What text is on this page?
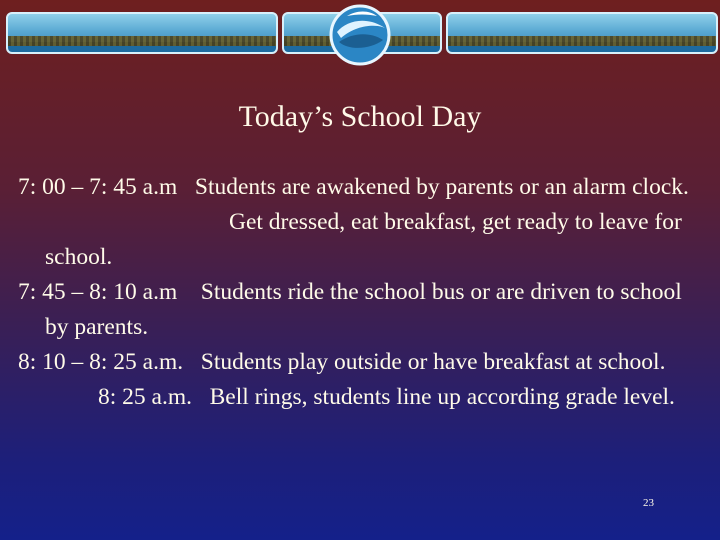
Today’s School Day

7: 00 – 7: 45 a.m Students are awakened by parents or an alarm clock.

Get dressed, eat breakfast, get ready to leave for school.

7: 45 – 8: 10 a.m Students ride the school bus or are driven to school by parents.

8: 10 – 8: 25 a.m. Students play outside or have breakfast at school.

8: 25 a.m. Bell rings, students line up according grade level.

23
